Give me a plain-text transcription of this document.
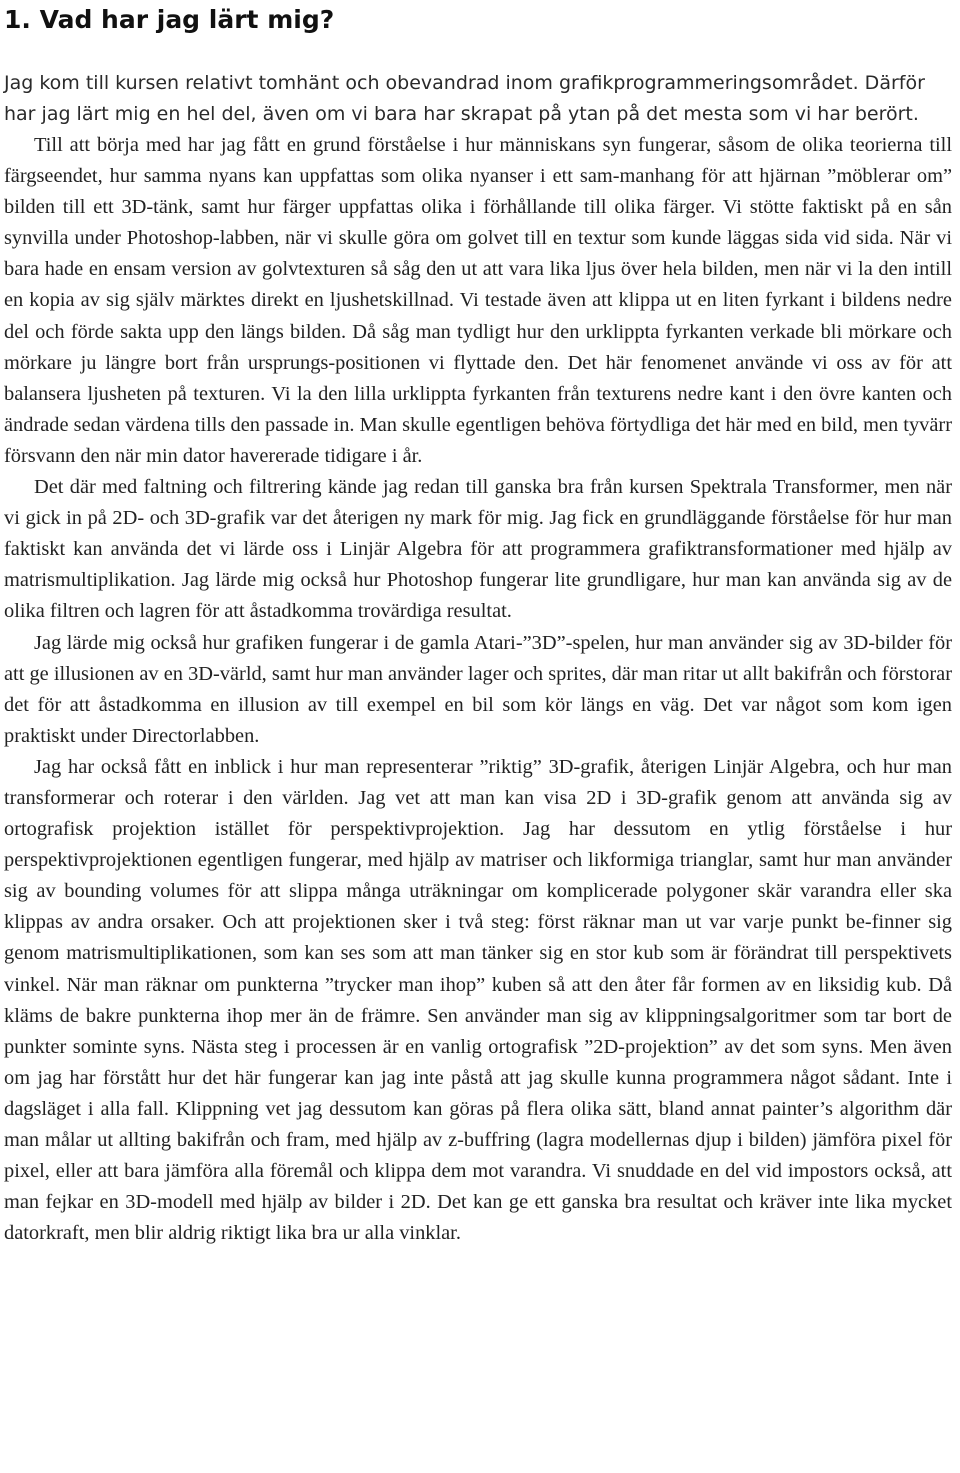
1. Vad har jag lärt mig?

Jag kom till kursen relativt tomhänt och obevandrad inom grafikprogrammeringsområdet. Därför har jag lärt mig en hel del, även om vi bara har skrapat på ytan på det mesta som vi har berört.

Till att börja med har jag fått en grund förståelse i hur människans syn fungerar, såsom de olika teorierna till färgseendet, hur samma nyans kan uppfattas som olika nyanser i ett sam-manhang för att hjärnan ”möblerar om” bilden till ett 3D-tänk, samt hur färger uppfattas olika i förhållande till olika färger. Vi stötte faktiskt på en sån synvilla under Photoshop-labben, när vi skulle göra om golvet till en textur som kunde läggas sida vid sida. När vi bara hade en ensam version av golvtexturen så såg den ut att vara lika ljus över hela bilden, men när vi la den intill en kopia av sig själv märktes direkt en ljushetskillnad. Vi testade även att klippa ut en liten fyrkant i bildens nedre del och förde sakta upp den längs bilden. Då såg man tydligt hur den urklippta fyrkanten verkade bli mörkare och mörkare ju längre bort från ursprungs-positionen vi flyttade den. Det här fenomenet använde vi oss av för att balansera ljusheten på texturen. Vi la den lilla urklippta fyrkanten från texturens nedre kant i den övre kanten och ändrade sedan värdena tills den passade in. Man skulle egentligen behöva förtydliga det här med en bild, men tyvärr försvann den när min dator havererade tidigare i år.

Det där med faltning och filtrering kände jag redan till ganska bra från kursen Spektrala Transformer, men när vi gick in på 2D- och 3D-grafik var det återigen ny mark för mig. Jag fick en grundläggande förståelse för hur man faktiskt kan använda det vi lärde oss i Linjär Algebra för att programmera grafiktransformationer med hjälp av matrismultiplikation. Jag lärde mig också hur Photoshop fungerar lite grundligare, hur man kan använda sig av de olika filtren och lagren för att åstadkomma trovärdiga resultat.

Jag lärde mig också hur grafiken fungerar i de gamla Atari-”3D”-spelen, hur man använder sig av 3D-bilder för att ge illusionen av en 3D-värld, samt hur man använder lager och sprites, där man ritar ut allt bakifrån och förstorar det för att åstadkomma en illusion av till exempel en bil som kör längs en väg. Det var något som kom igen praktiskt under Directorlabben.

Jag har också fått en inblick i hur man representerar ”riktig” 3D-grafik, återigen Linjär Algebra, och hur man transformerar och roterar i den världen. Jag vet att man kan visa 2D i 3D-grafik genom att använda sig av ortografisk projektion istället för perspektivprojektion. Jag har dessutom en ytlig förståelse i hur perspektivprojektionen egentligen fungerar, med hjälp av matriser och likformiga trianglar, samt hur man använder sig av bounding volumes för att slippa många uträkningar om komplicerade polygoner skär varandra eller ska klippas av andra orsaker. Och att projektionen sker i två steg: först räknar man ut var varje punkt be-finner sig genom matrismultiplikationen, som kan ses som att man tänker sig en stor kub som är förändrat till perspektivets vinkel. När man räknar om punkterna ”trycker man ihop” kuben så att den åter får formen av en liksidig kub. Då kläms de bakre punkterna ihop mer än de främre. Sen använder man sig av klippningsalgoritmer som tar bort de punkter sominte syns. Nästa steg i processen är en vanlig ortografisk ”2D-projektion” av det som syns. Men även om jag har förstått hur det här fungerar kan jag inte påstå att jag skulle kunna programmera något sådant. Inte i dagsläget i alla fall. Klippning vet jag dessutom kan göras på flera olika sätt, bland annat painter’s algorithm där man målar ut allting bakifrån och fram, med hjälp av z-buffring (lagra modellernas djup i bilden) jämföra pixel för pixel, eller att bara jämföra alla föremål och klippa dem mot varandra. Vi snuddade en del vid impostors också, att man fejkar en 3D-modell med hjälp av bilder i 2D. Det kan ge ett ganska bra resultat och kräver inte lika mycket datorkraft, men blir aldrig riktigt lika bra ur alla vinklar.
